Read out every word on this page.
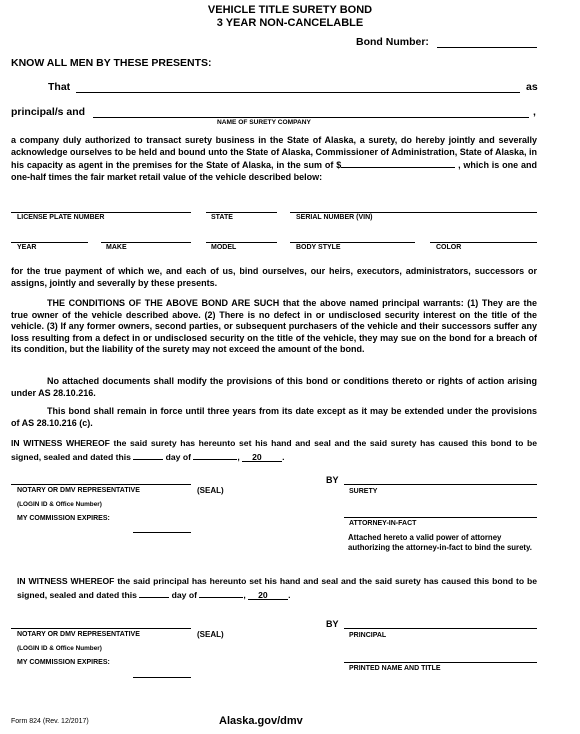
VEHICLE TITLE SURETY BOND
3 YEAR NON-CANCELABLE
Bond Number:
KNOW ALL MEN BY THESE PRESENTS:
That	as
principal/s and	,
NAME OF SURETY COMPANY
a company duly authorized to transact surety business in the State of Alaska, a surety, do hereby jointly and severally acknowledge ourselves to be held and bound unto the State of Alaska, Commissioner of Administration, State of Alaska, in his capacity as agent in the premises for the State of Alaska, in the sum of $	, which is one and one-half times the fair market retail value of the vehicle described below:
LICENSE PLATE NUMBER	STATE	SERIAL NUMBER (VIN)
YEAR	MAKE	MODEL	BODY STYLE	COLOR
for the true payment of which we, and each of us, bind ourselves, our heirs, executors, administrators, successors or assigns, jointly and severally by these presents.
THE CONDITIONS OF THE ABOVE BOND ARE SUCH that the above named principal warrants: (1) They are the true owner of the vehicle described above. (2) There is no defect in or undisclosed security interest on the title of the vehicle. (3) If any former owners, second parties, or subsequent purchasers of the vehicle and their successors suffer any loss resulting from a defect in or undisclosed security on the title of the vehicle, they may sue on the bond for a breach of its condition, but the liability of the surety may not exceed the amount of the bond.
No attached documents shall modify the provisions of this bond or conditions thereto or rights of action arising under AS 28.10.216.
This bond shall remain in force until three years from its date except as it may be extended under the provisions of AS 28.10.216 (c).
IN WITNESS WHEREOF the said surety has hereunto set his hand and seal and the said surety has caused this bond to be signed, sealed and dated this	day of	, 20 .
BY
NOTARY OR DMV REPRESENTATIVE	(SEAL)	SURETY
(LOGIN ID & Office Number)
MY COMMISSION EXPIRES:
ATTORNEY-IN-FACT
Attached hereto a valid power of attorney authorizing the attorney-in-fact to bind the surety.
IN WITNESS WHEREOF the said principal has hereunto set his hand and seal and the said surety has caused this bond to be signed, sealed and dated this	day of	, 20 .
BY
NOTARY OR DMV REPRESENTATIVE	(SEAL)	PRINCIPAL
(LOGIN ID & Office Number)
MY COMMISSION EXPIRES:
PRINTED NAME AND TITLE
Form 824 (Rev. 12/2017)	Alaska.gov/dmv
